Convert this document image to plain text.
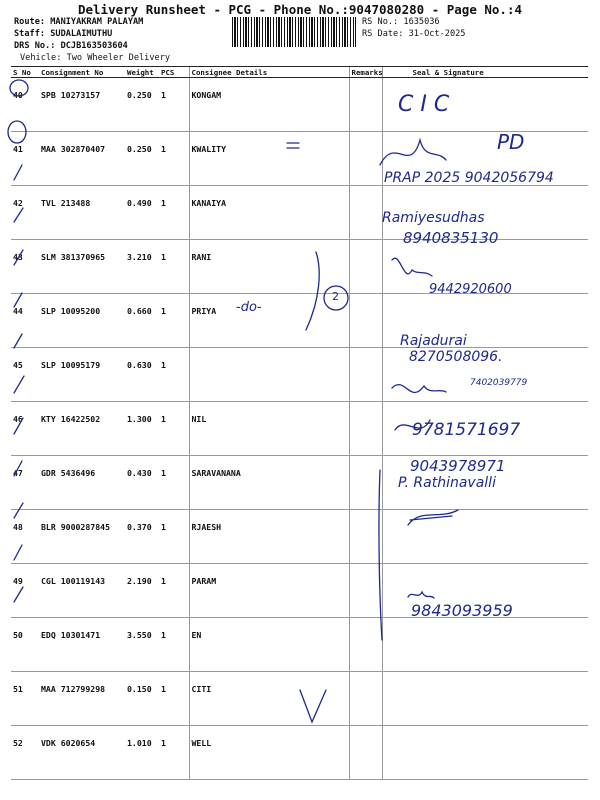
Delivery Runsheet - PCG - Phone No.:9047080280 - Page No.:4
Route: MANIYAKRAM PALAYAM
Staff: SUDALAIMUTHU
DRS No.: DCJB163503604
Vehicle: Two Wheeler Delivery
RS No.: 1635036
RS Date: 31-Oct-2025
S No	Consignment No	Weight	PCS	Consignee Details	Remarks	Seal & Signature
40	SPB 10273157	0.250	1	KONGAM		
41	MAA 302870407	0.250	1	KWALITY		
42	TVL 213488	0.490	1	KANAIYA		
43	SLM 381370965	3.210	1	RANI		
44	SLP 10095200	0.660	1	PRIYA		
45	SLP 10095179	0.630	1			
46	KTY 16422502	1.300	1	NIL		
47	GDR 5436496	0.430	1	SARAVANANA		
48	BLR 9000287845	0.370	1	RJAESH		
49	CGL 100119143	2.190	1	PARAM		
50	EDQ 10301471	3.550	1	EN		
51	MAA 712799298	0.150	1	CITI		
52	VDK 6020654	1.010	1	WELL		
C I C
PD
PRAP 2025 9042056794
Ramiyesudhas
8940835130
-do-
2	9442920600
Rajadurai
8270508096.
7402039779
9781571697
9043978971
P. Rathinavalli
9843093959
